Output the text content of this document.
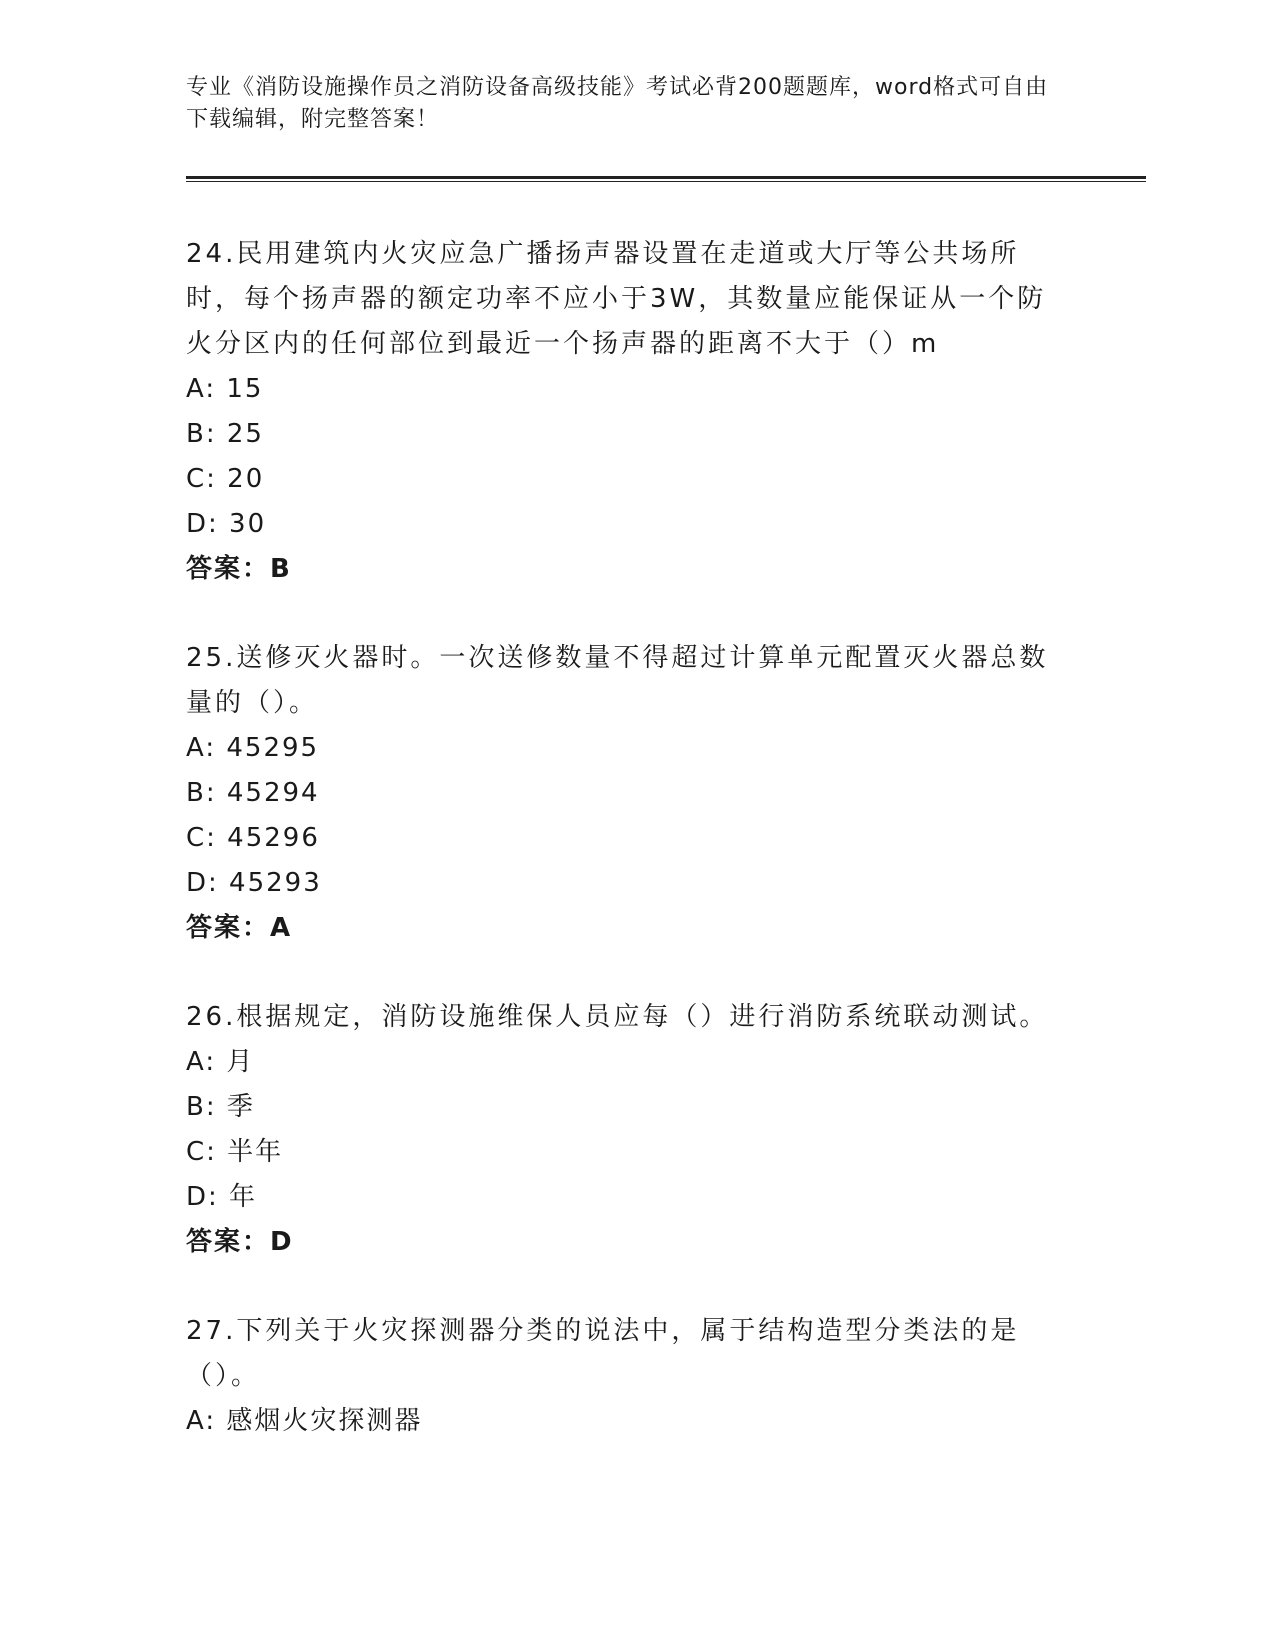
专业《消防设施操作员之消防设备高级技能》考试必背200题题库，word格式可自由下载编辑，附完整答案！

24.民用建筑内火灾应急广播扬声器设置在走道或大厅等公共场所时，每个扬声器的额定功率不应小于3W，其数量应能保证从一个防火分区内的任何部位到最近一个扬声器的距离不大于（）m

A: 15

B: 25

C: 20

D: 30

答案：B

25.送修灭火器时。一次送修数量不得超过计算单元配置灭火器总数量的（）。

A: 45295

B: 45294

C: 45296

D: 45293

答案：A

26.根据规定，消防设施维保人员应每（）进行消防系统联动测试。

A: 月

B: 季

C: 半年

D: 年

答案：D

27.下列关于火灾探测器分类的说法中，属于结构造型分类法的是（）。

A: 感烟火灾探测器
